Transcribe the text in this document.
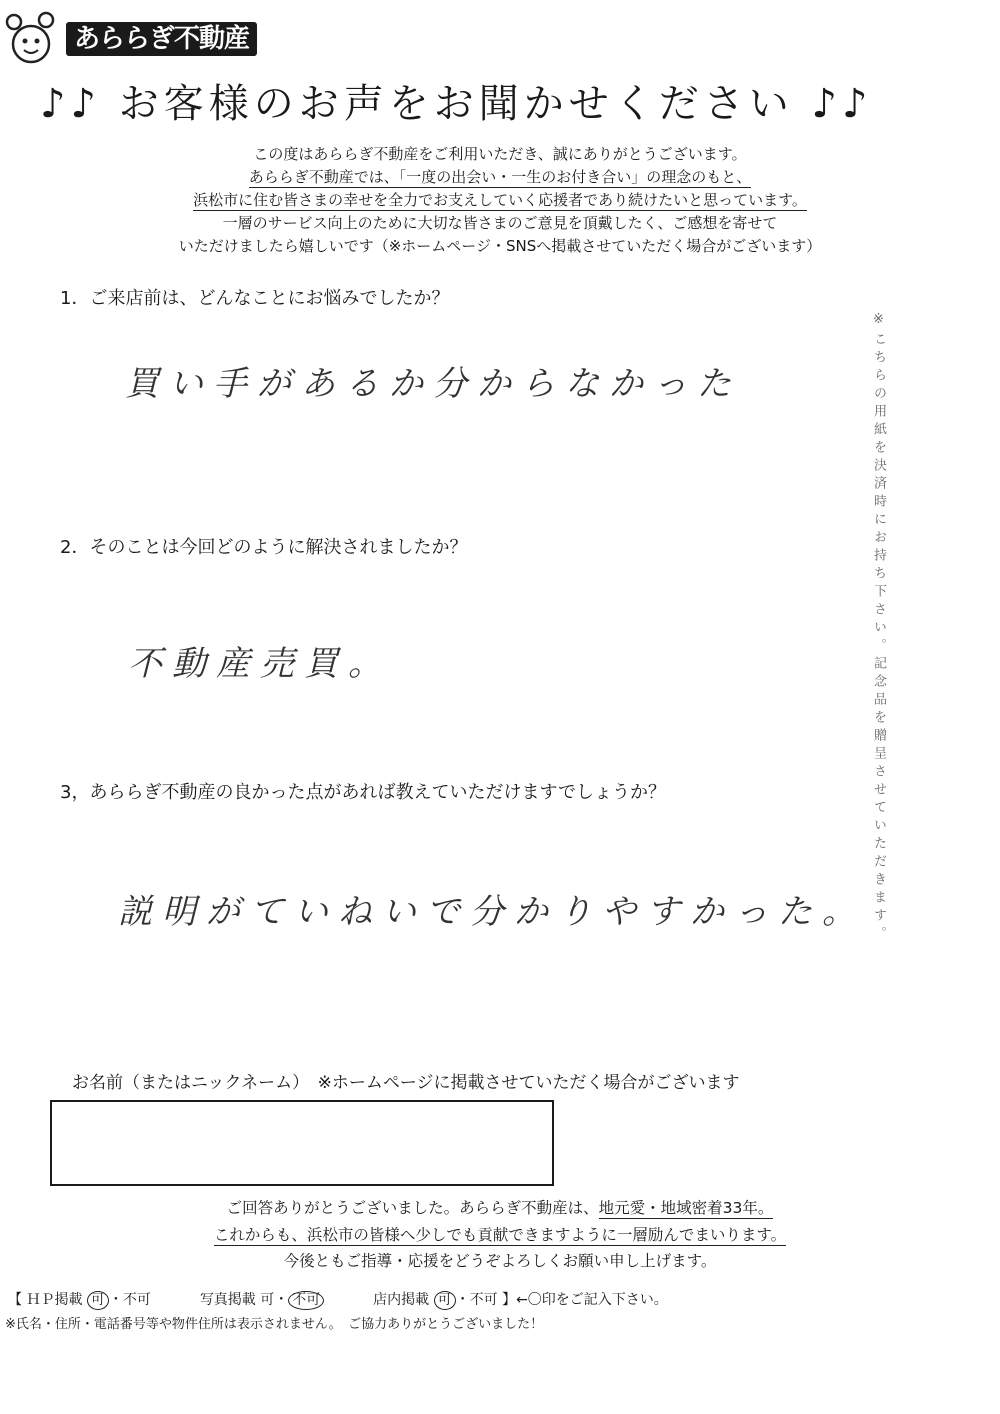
あららぎ不動産
♪♪ お客様のお声をお聞かせください ♪♪
この度はあららぎ不動産をご利用いただき、誠にありがとうございます。
あららぎ不動産では、「一度の出会い・一生のお付き合い」の理念のもと、
浜松市に住む皆さまの幸せを全力でお支えしていく応援者であり続けたいと思っています。
一層のサービス向上のために大切な皆さまのご意見を頂戴したく、ご感想を寄せて
いただけましたら嬉しいです（※ホームページ・SNSへ掲載させていただく場合がございます）
1．ご来店前は、どんなことにお悩みでしたか？
買い手があるか分からなかった
2．そのことは今回どのように解決されましたか？
不動産売買。
3，あららぎ不動産の良かった点があれば教えていただけますでしょうか？
説明がていねいで分かりやすかった。 ※こちらの用紙を決済時にお持ち下さい。記念品を贈呈させていただきます。
お名前（またはニックネーム）　※ホームページに掲載させていただく場合がございます
ご回答ありがとうございました。あららぎ不動産は、地元愛・地域密着33年。
これからも、浜松市の皆様へ少しでも貢献できますように一層励んでまいります。
今後ともご指導・応援をどうぞよろしくお願い申し上げます。
【 ＨＰ掲載 可 ・不可	写真掲載 可・ 不可	店内掲載 可 ・不可 】←〇印をご記入下さい。
※氏名・住所・電話番号等や物件住所は表示されません。　ご協力ありがとうございました！
